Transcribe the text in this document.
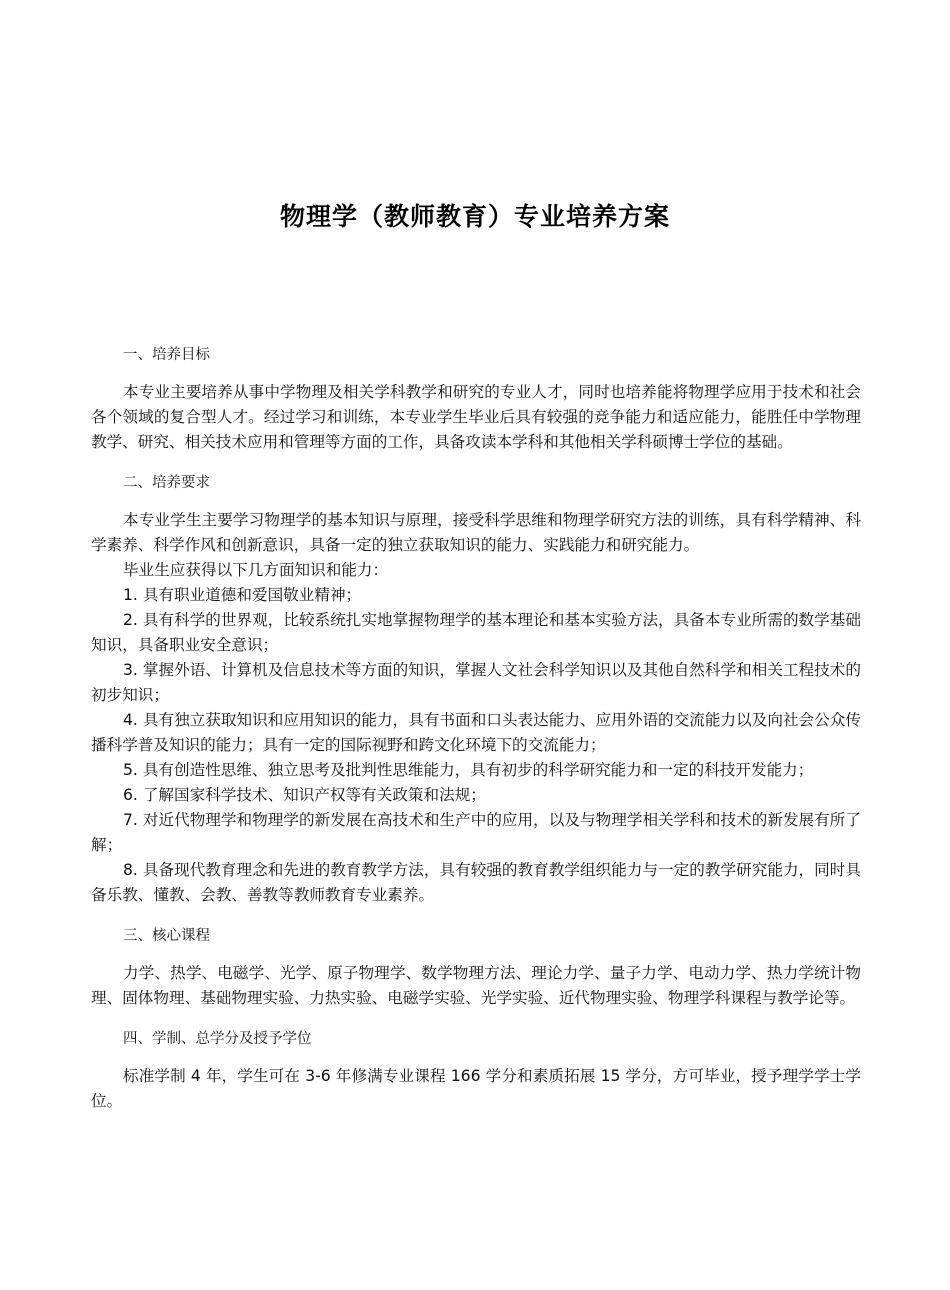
物理学（教师教育）专业培养方案

一、培养目标

本专业主要培养从事中学物理及相关学科教学和研究的专业人才，同时也培养能将物理学应用于技术和社会各个领域的复合型人才。经过学习和训练，本专业学生毕业后具有较强的竞争能力和适应能力，能胜任中学物理教学、研究、相关技术应用和管理等方面的工作，具备攻读本学科和其他相关学科硕博士学位的基础。

二、培养要求

本专业学生主要学习物理学的基本知识与原理，接受科学思维和物理学研究方法的训练，具有科学精神、科学素养、科学作风和创新意识，具备一定的独立获取知识的能力、实践能力和研究能力。

毕业生应获得以下几方面知识和能力：

1. 具有职业道德和爱国敬业精神；

2. 具有科学的世界观，比较系统扎实地掌握物理学的基本理论和基本实验方法，具备本专业所需的数学基础知识，具备职业安全意识；

3. 掌握外语、计算机及信息技术等方面的知识，掌握人文社会科学知识以及其他自然科学和相关工程技术的初步知识；

4. 具有独立获取知识和应用知识的能力，具有书面和口头表达能力、应用外语的交流能力以及向社会公众传播科学普及知识的能力；具有一定的国际视野和跨文化环境下的交流能力；

5. 具有创造性思维、独立思考及批判性思维能力，具有初步的科学研究能力和一定的科技开发能力；

6. 了解国家科学技术、知识产权等有关政策和法规；

7. 对近代物理学和物理学的新发展在高技术和生产中的应用，以及与物理学相关学科和技术的新发展有所了解；

8. 具备现代教育理念和先进的教育教学方法，具有较强的教育教学组织能力与一定的教学研究能力，同时具备乐教、懂教、会教、善教等教师教育专业素养。

三、核心课程

力学、热学、电磁学、光学、原子物理学、数学物理方法、理论力学、量子力学、电动力学、热力学统计物理、固体物理、基础物理实验、力热实验、电磁学实验、光学实验、近代物理实验、物理学科课程与教学论等。

四、学制、总学分及授予学位

标准学制 4 年，学生可在 3-6 年修满专业课程 166 学分和素质拓展 15 学分，方可毕业，授予理学学士学位。
